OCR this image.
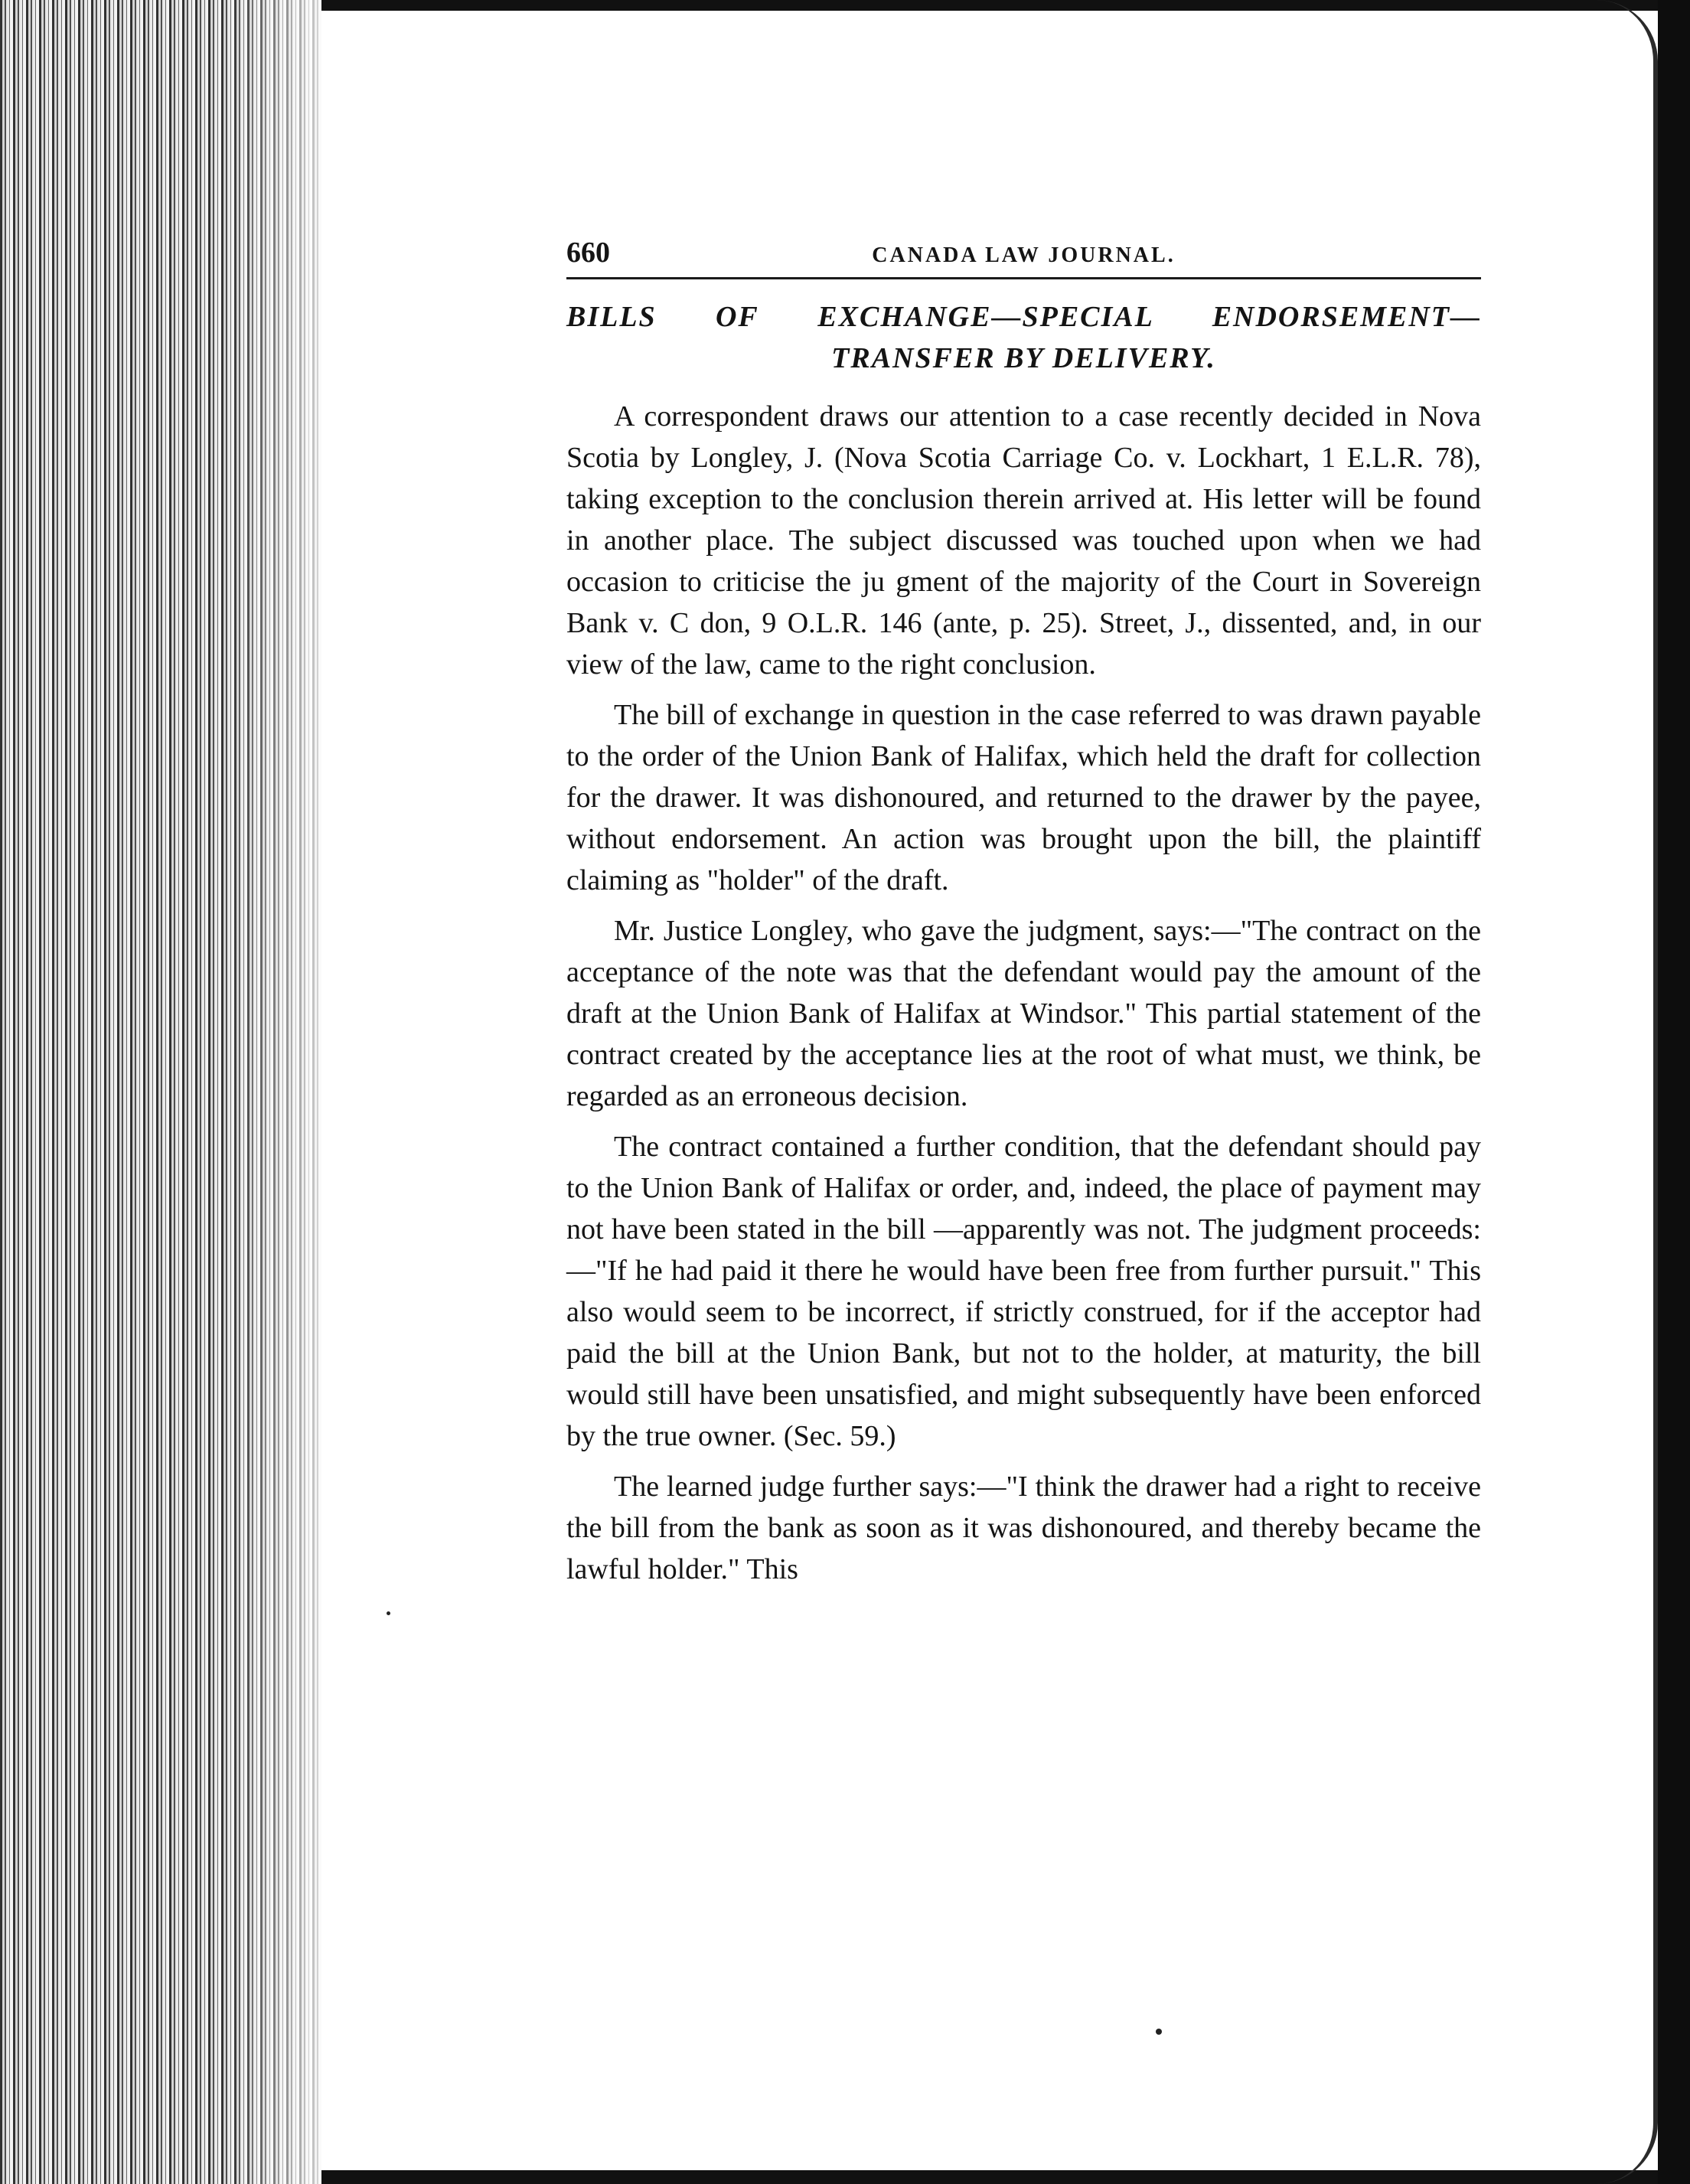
660	CANADA LAW JOURNAL.
BILLS OF EXCHANGE—SPECIAL ENDORSEMENT—
TRANSFER BY DELIVERY.

A correspondent draws our attention to a case recently decided in Nova Scotia by Longley, J. (Nova Scotia Carriage Co. v. Lockhart, 1 E.L.R. 78), taking exception to the conclusion therein arrived at. His letter will be found in another place. The subject discussed was touched upon when we had occasion to criticise the ju gment of the majority of the Court in Sovereign Bank v. C don, 9 O.L.R. 146 (ante, p. 25). Street, J., dissented, and, in our view of the law, came to the right conclusion.

The bill of exchange in question in the case referred to was drawn payable to the order of the Union Bank of Halifax, which held the draft for collection for the drawer. It was dishonoured, and returned to the drawer by the payee, without endorsement. An action was brought upon the bill, the plaintiff claiming as "holder" of the draft.

Mr. Justice Longley, who gave the judgment, says:—"The contract on the acceptance of the note was that the defendant would pay the amount of the draft at the Union Bank of Halifax at Windsor." This partial statement of the contract created by the acceptance lies at the root of what must, we think, be regarded as an erroneous decision.

The contract contained a further condition, that the defendant should pay to the Union Bank of Halifax or order, and, indeed, the place of payment may not have been stated in the bill —apparently was not. The judgment proceeds:—"If he had paid it there he would have been free from further pursuit." This also would seem to be incorrect, if strictly construed, for if the acceptor had paid the bill at the Union Bank, but not to the holder, at maturity, the bill would still have been unsatisfied, and might subsequently have been enforced by the true owner. (Sec. 59.)

The learned judge further says:—"I think the drawer had a right to receive the bill from the bank as soon as it was dishonoured, and thereby became the lawful holder." This
